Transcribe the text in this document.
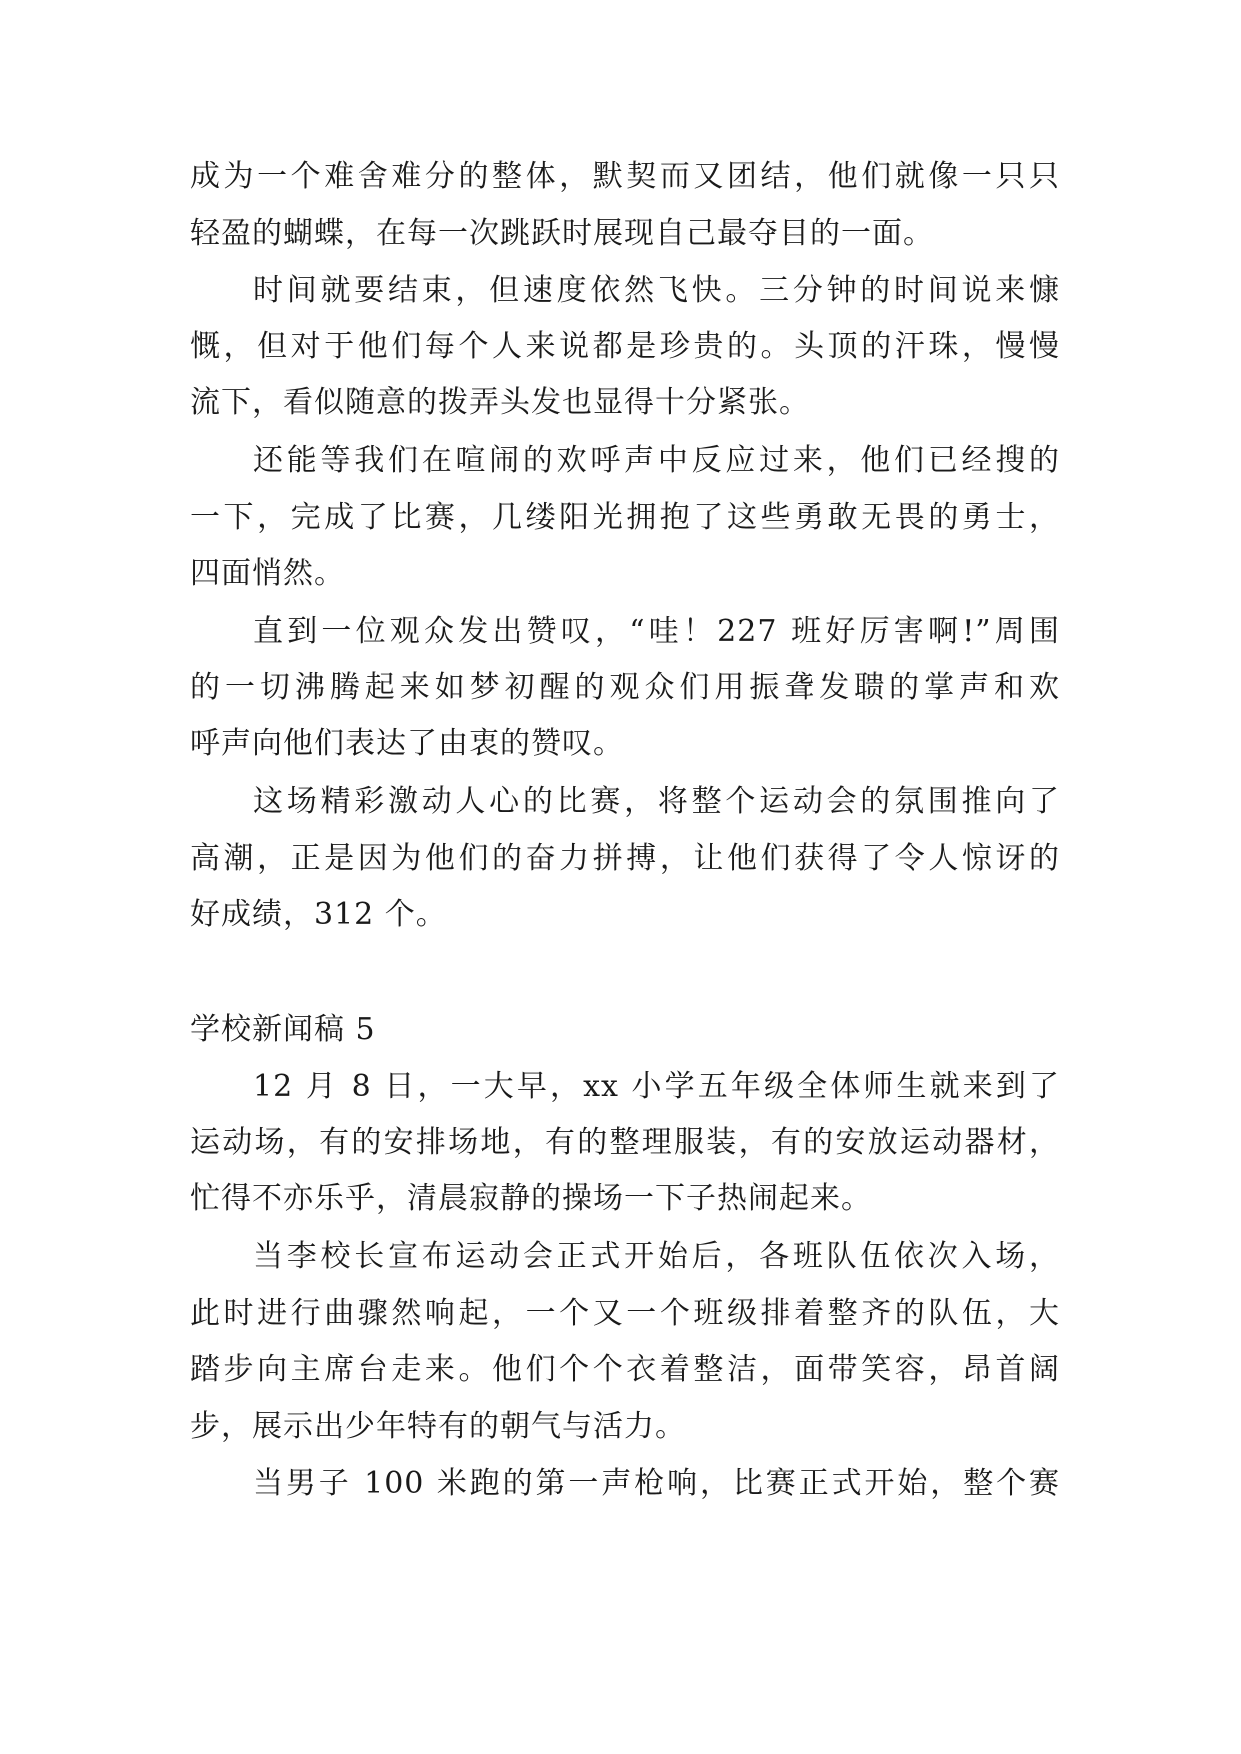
成为一个难舍难分的整体，默契而又团结，他们就像一只只
轻盈的蝴蝶，在每一次跳跃时展现自己最夺目的一面。
时间就要结束，但速度依然飞快。三分钟的时间说来慷
慨，但对于他们每个人来说都是珍贵的。头顶的汗珠，慢慢
流下，看似随意的拨弄头发也显得十分紧张。
还能等我们在喧闹的欢呼声中反应过来，他们已经搜的
一下，完成了比赛，几缕阳光拥抱了这些勇敢无畏的勇士，
四面悄然。
直到一位观众发出赞叹，“哇！227 班好厉害啊!”周围
的一切沸腾起来如梦初醒的观众们用振聋发聩的掌声和欢
呼声向他们表达了由衷的赞叹。
这场精彩激动人心的比赛，将整个运动会的氛围推向了
高潮，正是因为他们的奋力拼搏，让他们获得了令人惊讶的
好成绩，312 个。
学校新闻稿 5
12 月 8 日，一大早，xx 小学五年级全体师生就来到了
运动场，有的安排场地，有的整理服装，有的安放运动器材，
忙得不亦乐乎，清晨寂静的操场一下子热闹起来。
当李校长宣布运动会正式开始后，各班队伍依次入场，
此时进行曲骤然响起，一个又一个班级排着整齐的队伍，大
踏步向主席台走来。他们个个衣着整洁，面带笑容，昂首阔
步，展示出少年特有的朝气与活力。
当男子 100 米跑的第一声枪响，比赛正式开始，整个赛
